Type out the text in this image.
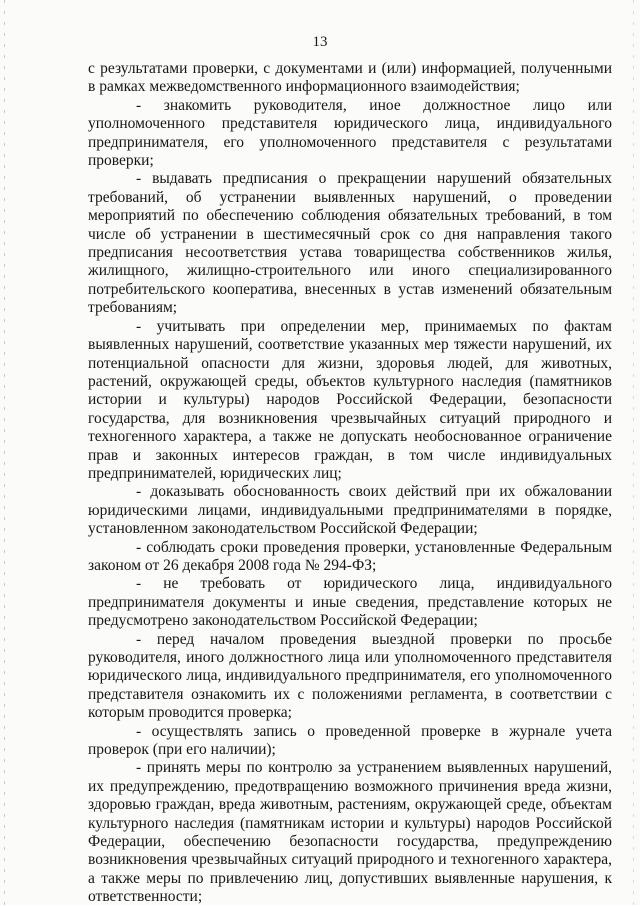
13

с результатами проверки, с документами и (или) информацией, полученными в рамках межведомственного информационного взаимодействия;

- знакомить руководителя, иное должностное лицо или уполномоченного представителя юридического лица, индивидуального предпринимателя, его уполномоченного представителя с результатами проверки;

- выдавать предписания о прекращении нарушений обязательных требований, об устранении выявленных нарушений, о проведении мероприятий по обеспечению соблюдения обязательных требований, в том числе об устранении в шестимесячный срок со дня направления такого предписания несоответствия устава товарищества собственников жилья, жилищного, жилищно-строительного или иного специализированного потребительского кооператива, внесенных в устав изменений обязательным требованиям;

- учитывать при определении мер, принимаемых по фактам выявленных нарушений, соответствие указанных мер тяжести нарушений, их потенциальной опасности для жизни, здоровья людей, для животных, растений, окружающей среды, объектов культурного наследия (памятников истории и культуры) народов Российской Федерации, безопасности государства, для возникновения чрезвычайных ситуаций природного и техногенного характера, а также не допускать необоснованное ограничение прав и законных интересов граждан, в том числе индивидуальных предпринимателей, юридических лиц;

- доказывать обоснованность своих действий при их обжаловании юридическими лицами, индивидуальными предпринимателями в порядке, установленном законодательством Российской Федерации;

- соблюдать сроки проведения проверки, установленные Федеральным законом от 26 декабря 2008 года № 294-ФЗ;

- не требовать от юридического лица, индивидуального предпринимателя документы и иные сведения, представление которых не предусмотрено законодательством Российской Федерации;

- перед началом проведения выездной проверки по просьбе руководителя, иного должностного лица или уполномоченного представителя юридического лица, индивидуального предпринимателя, его уполномоченного представителя ознакомить их с положениями регламента, в соответствии с которым проводится проверка;

- осуществлять запись о проведенной проверке в журнале учета проверок (при его наличии);

- принять меры по контролю за устранением выявленных нарушений, их предупреждению, предотвращению возможного причинения вреда жизни, здоровью граждан, вреда животным, растениям, окружающей среде, объектам культурного наследия (памятникам истории и культуры) народов Российской Федерации, обеспечению безопасности государства, предупреждению возникновения чрезвычайных ситуаций природного и техногенного характера, а также меры по привлечению лиц, допустивших выявленные нарушения, к ответственности;
